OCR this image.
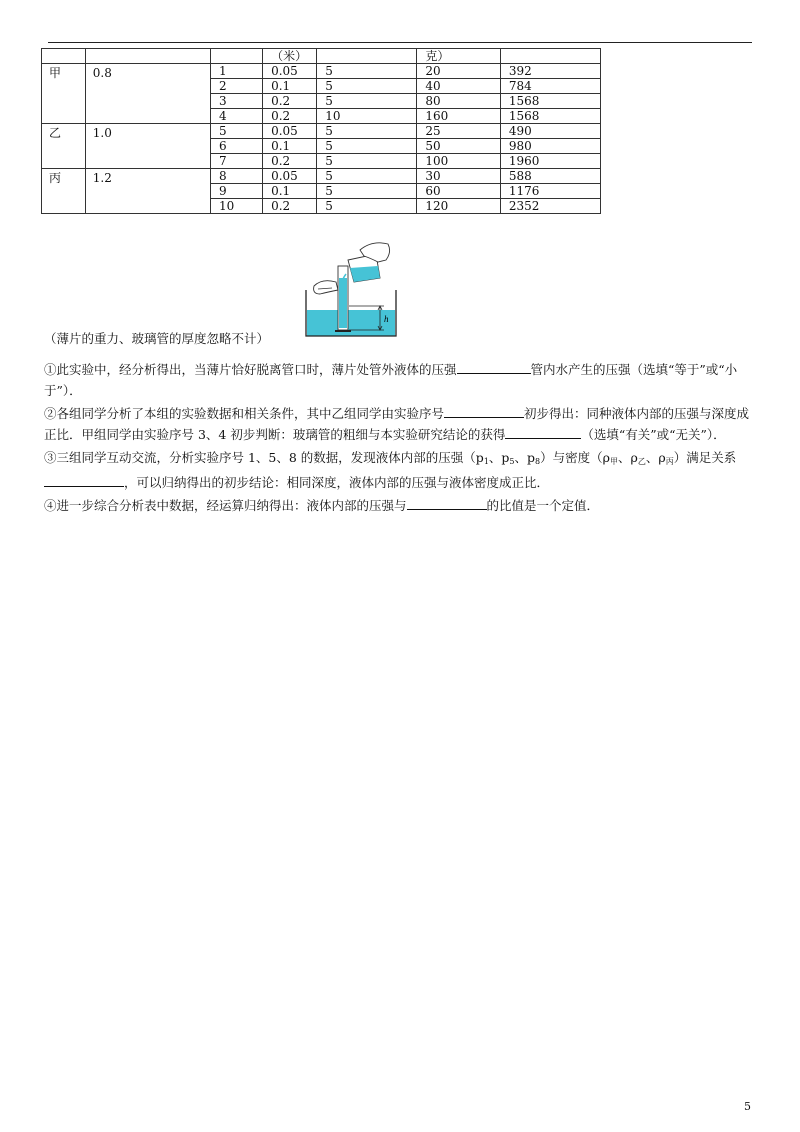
			（米）		克）	
甲	0.8	1	0.05	5	20	392
		2	0.1	5	40	784
		3	0.2	5	80	1568
		4	0.2	10	160	1568
乙	1.0	5	0.05	5	25	490
		6	0.1	5	50	980
		7	0.2	5	100	1960
丙	1.2	8	0.05	5	30	588
		9	0.1	5	60	1176
		10	0.2	5	120	2352
h
（薄片的重力、玻璃管的厚度忽略不计）

①此实验中，经分析得出，当薄片恰好脱离管口时，薄片处管外液体的压强	管内水产生的压强（选填“等于”或“小于”）．

②各组同学分析了本组的实验数据和相关条件，其中乙组同学由实验序号	初步得出：同种液体内部的压强与深度成正比．甲组同学由实验序号 3、4 初步判断：玻璃管的粗细与本实验研究结论的获得	（选填“有关”或“无关”）．

③三组同学互动交流，分析实验序号 1、5、8 的数据，发现液体内部的压强（$p_1$、$p_5$、$p_8$）与密度（$\rho_甲$、$\rho_乙$、$\rho_丙$）满足关系，可以归纳得出的初步结论：相同深度，液体内部的压强与液体密度成正比．

④进一步综合分析表中数据，经运算归纳得出：液体内部的压强与	的比值是一个定值．

5
